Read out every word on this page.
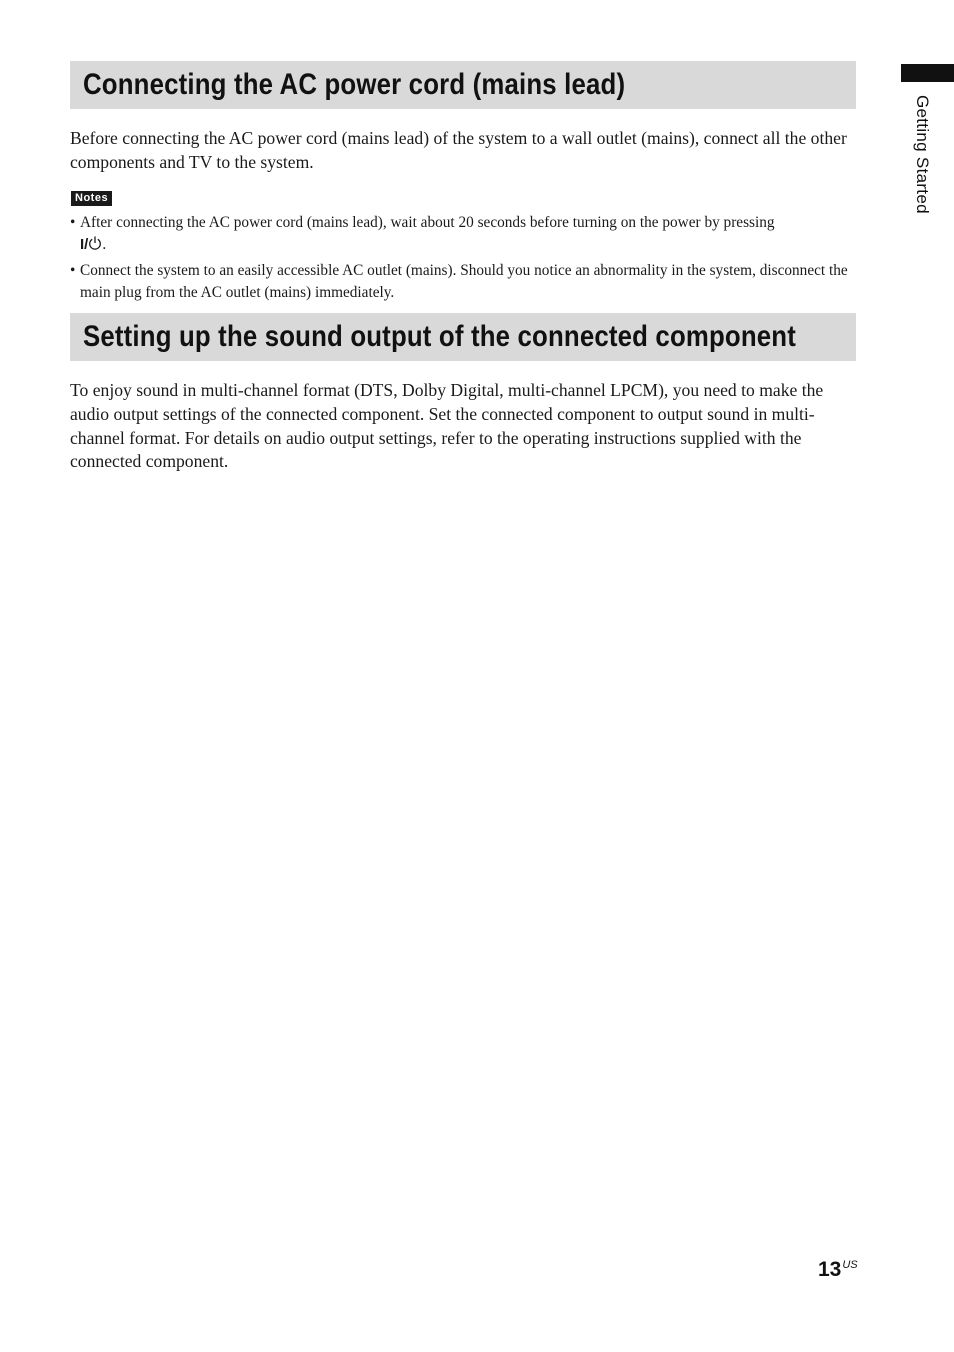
Getting Started
Connecting the AC power cord (mains lead)

Before connecting the AC power cord (mains lead) of the system to a wall outlet (mains), connect all the other components and TV to the system.

Notes
• After connecting the AC power cord (mains lead), wait about 20 seconds before turning on the power by pressing
I/ .
• Connect the system to an easily accessible AC outlet (mains). Should you notice an abnormality in the system, disconnect the main plug from the AC outlet (mains) immediately.
Setting up the sound output of the connected component

To enjoy sound in multi-channel format (DTS, Dolby Digital, multi-channel LPCM), you need to make the audio output settings of the connected component. Set the connected component to output sound in multi-channel format. For details on audio output settings, refer to the operating instructions supplied with the connected component.

$13^{US}$
